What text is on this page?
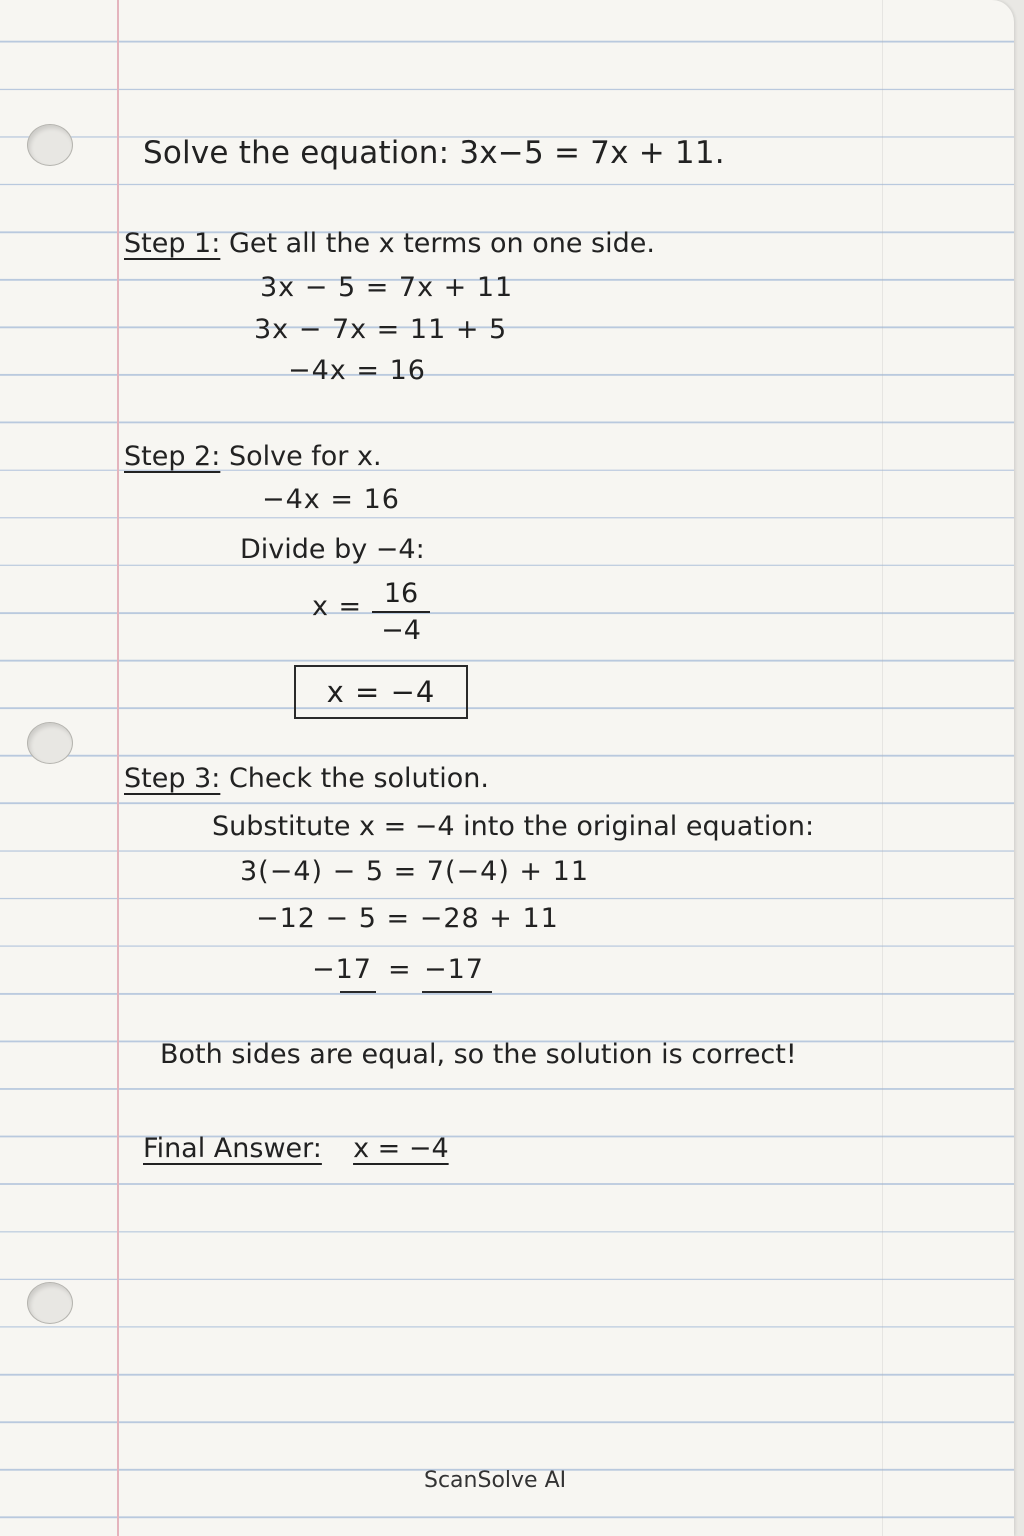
Solve the equation: 3x−5 = 7x + 11.
Step 1: Get all the x terms on one side.
3x − 5 = 7x + 11
3x − 7x = 11 + 5
−4x = 16
Step 2: Solve for x.
−4x = 16
Divide by −4:
x = 16
−4
x = −4
Step 3: Check the solution.
Substitute x = −4 into the original equation:
3(−4) − 5 = 7(−4) + 11
−12 − 5 = −28 + 11
−17 = −17
Both sides are equal, so the solution is correct!
Final Answer: x = −4
ScanSolve AI
